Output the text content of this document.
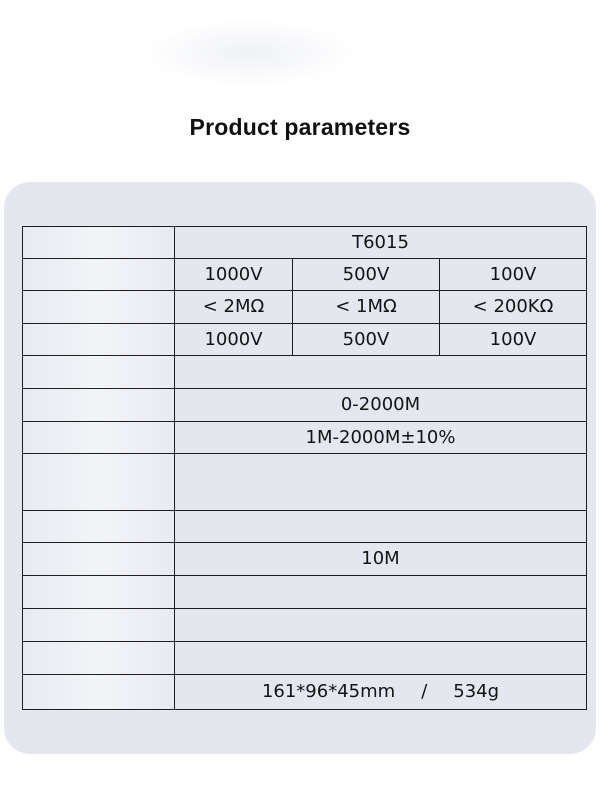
Product parameters
	T6015		
	1000V	500V	100V
	< 2MΩ	< 1MΩ	< 200KΩ
	1000V	500V	100V

	0-2000M		
	1M-2000M±10%		

	10M		

	161*96*45mm / 534g		
